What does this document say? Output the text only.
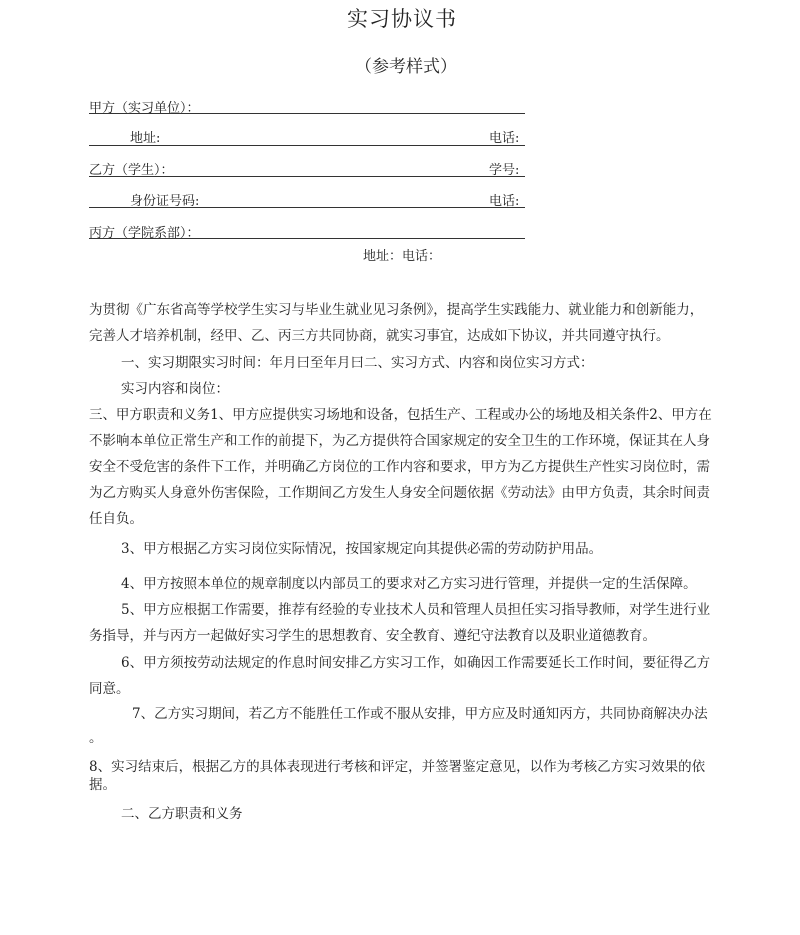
实习协议书
（参考样式）
甲方（实习单位）：
地址:	电话:
乙方（学生）：	学号:
身份证号码:	电话:
丙方（学院系部）：
地址：电话：
为贯彻《广东省高等学校学生实习与毕业生就业见习条例》，提高学生实践能力、就业能力和创新能力，
完善人才培养机制，经甲、乙、丙三方共同协商，就实习事宜，达成如下协议，并共同遵守执行。
一、实习期限实习时间：年月曰至年月曰二、实习方式、内容和岗位实习方式：
实习内容和岗位：
三、甲方职责和义务1、甲方应提供实习场地和设备，包括生产、工程或办公的场地及相关条件2、甲方在
不影响本单位正常生产和工作的前提下，为乙方提供符合国家规定的安全卫生的工作环境，保证其在人身
安全不受危害的条件下工作，并明确乙方岗位的工作内容和要求，甲方为乙方提供生产性实习岗位时，需
为乙方购买人身意外伤害保险，工作期间乙方发生人身安全问题依据《劳动法》由甲方负责，其余时间责
任自负。
3、甲方根据乙方实习岗位实际情况，按国家规定向其提供必需的劳动防护用品。
4、甲方按照本单位的规章制度以内部员工的要求对乙方实习进行管理，并提供一定的生活保障。
5、甲方应根据工作需要，推荐有经验的专业技术人员和管理人员担任实习指导教师，对学生进行业
务指导，并与丙方一起做好实习学生的思想教育、安全教育、遵纪守法教育以及职业道德教育。
6、甲方须按劳动法规定的作息时间安排乙方实习工作，如确因工作需要延长工作时间，要征得乙方
同意。
7、乙方实习期间，若乙方不能胜任工作或不服从安排，甲方应及时通知丙方，共同协商解决办法
。
8、实习结束后，根据乙方的具体表现进行考核和评定，并签署鉴定意见，以作为考核乙方实习效果的依
据。
二、乙方职责和义务
